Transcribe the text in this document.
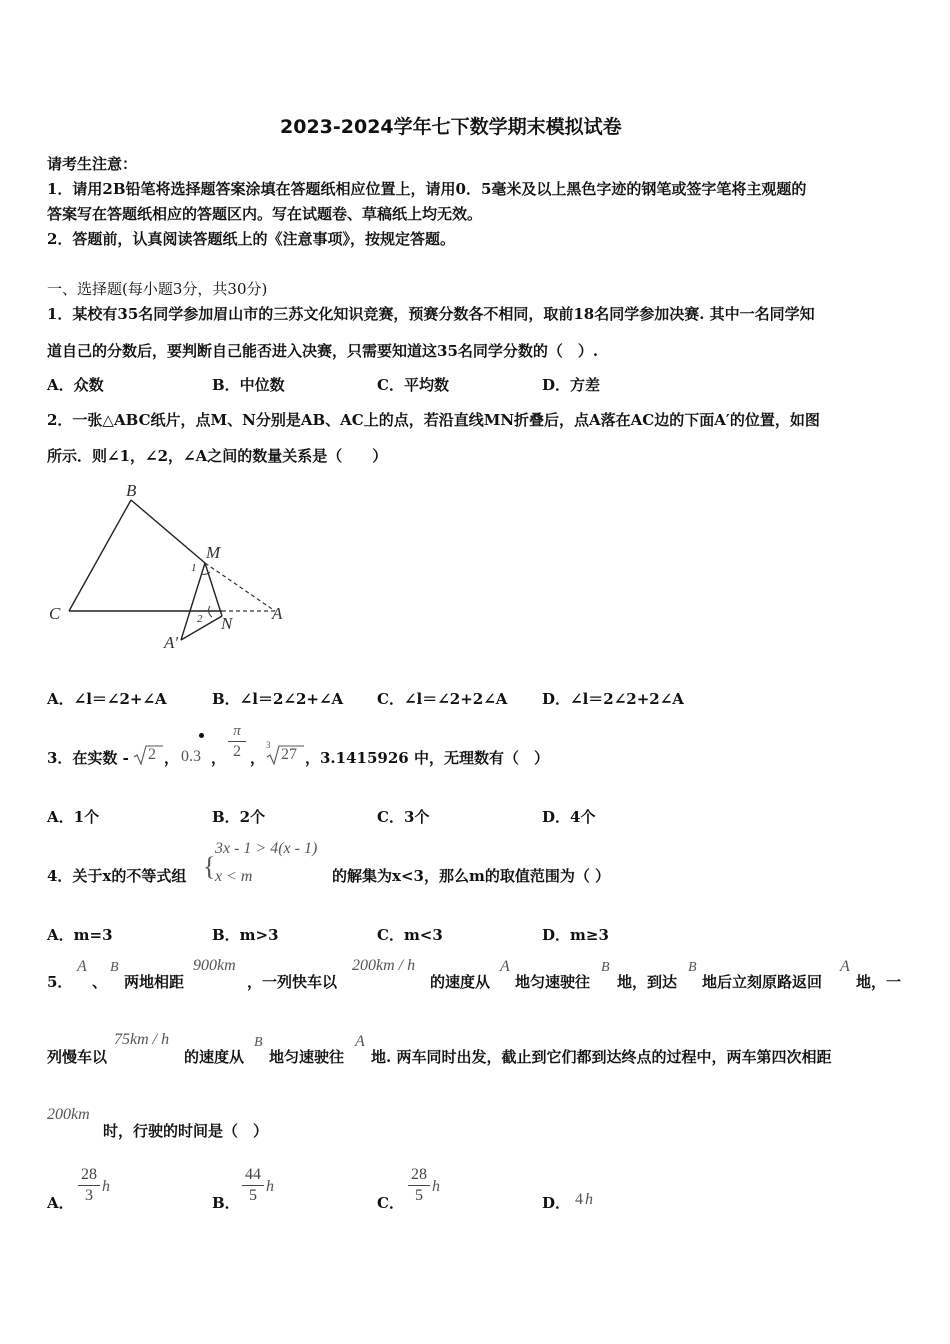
2023-2024学年七下数学期末模拟试卷
请考生注意：
1．请用2B铅笔将选择题答案涂填在答题纸相应位置上，请用0．5毫米及以上黑色字迹的钢笔或签字笔将主观题的
答案写在答题纸相应的答题区内。写在试题卷、草稿纸上均无效。
2．答题前，认真阅读答题纸上的《注意事项》，按规定答题。
一、选择题(每小题3分，共30分)
1．某校有35名同学参加眉山市的三苏文化知识竞赛，预赛分数各不相同，取前18名同学参加决赛. 其中一名同学知
道自己的分数后，要判断自己能否进入决赛，只需要知道这35名同学分数的（　）.
A．众数	B．中位数	C．平均数	D．方差
2．一张△ABC纸片，点M、N分别是AB、AC上的点，若沿直线MN折叠后，点A落在AC边的下面A′的位置，如图
所示．则∠1，∠2，∠A之间的数量关系是（　　）
B
M
C
N
A
A′
1
2
A．∠l＝∠2+∠A	B．∠l＝2∠2+∠A C．∠l＝∠2+2∠A D．∠l＝2∠2+2∠A
3．在实数 - 2 ， 0.3 ，
π
2 ，
3
27 ，3.1415926 中，无理数有（　）
A．1个	B．2个	C．3个	D．4个
4．关于x的不等式组 {
3x - 1 > 4(x - 1)
x < m	的解集为x<3，那么m的取值范围为（ ）
A．m=3	B．m>3	C．m<3	D．m≥3
5．
A
、
B
两地相距
900km
，一列快车以
200km / h
的速度从
A
地匀速驶往
B
地，到达
B
地后立刻原路返回
A
地，一
列慢车以
75km / h
的速度从
B
地匀速驶往
A
地. 两车同时出发，截止到它们都到达终点的过程中，两车第四次相距
200km
时，行驶的时间是（　）
A．
28
3
h
B．
44
5
h
C．
28
5
h
D． 4 h
